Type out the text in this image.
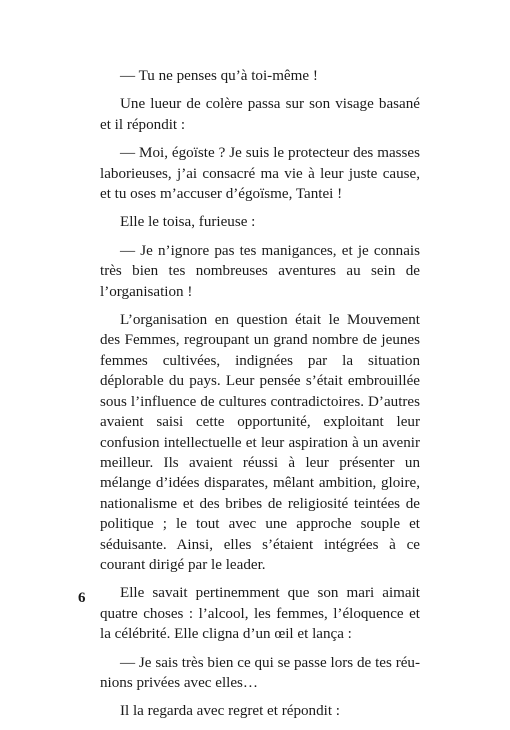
— Tu ne penses qu’à toi-même !

Une lueur de colère passa sur son visage basané et il répondit :

— Moi, égoïste ? Je suis le protecteur des masses laborieuses, j’ai consacré ma vie à leur juste cause, et tu oses m’accuser d’égoïsme, Tantei !

Elle le toisa, furieuse :

— Je n’ignore pas tes manigances, et je connais très bien tes nombreuses aventures au sein de l’organisation !

L’organisation en question était le Mouvement des Femmes, regroupant un grand nombre de jeunes femmes cultivées, indignées par la situation déplorable du pays. Leur pensée s’était embrouillée sous l’influence de cultures contradictoires. D’autres avaient saisi cette opportunité, exploitant leur confusion intellectuelle et leur aspiration à un avenir meilleur. Ils avaient réussi à leur présenter un mélange d’idées disparates, mêlant ambition, gloire, nationalisme et des bribes de religiosité teintées de politique ; le tout avec une approche souple et séduisante. Ainsi, elles s’étaient intégrées à ce courant dirigé par le leader.

Elle savait pertinemment que son mari aimait quatre choses : l’alcool, les femmes, l’éloquence et la célébrité. Elle cligna d’un œil et lança :

— Je sais très bien ce qui se passe lors de tes réunions privées avec elles…

Il la regarda avec regret et répondit :

6
